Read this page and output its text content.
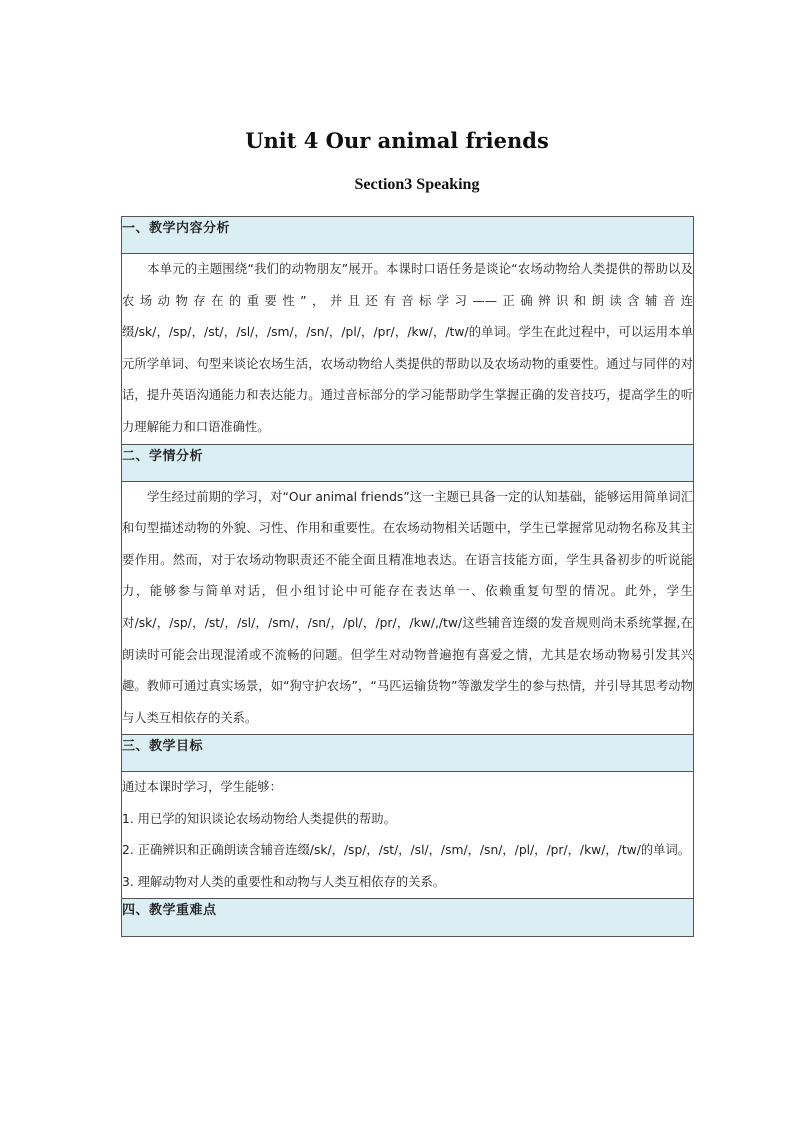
Unit 4 Our animal friends
Section3 Speaking
一、教学内容分析
本单元的主题围绕“我们的动物朋友”展开。本课时口语任务是谈论“农场动物给人类提供的帮助以及农场动物存在的重要性”，并且还有音标学习——正确辨识和朗读含辅音连缀/sk/，/sp/，/st/，/sl/，/sm/，/sn/，/pl/，/pr/，/kw/，/tw/的单词。学生在此过程中，可以运用本单元所学单词、句型来谈论农场生活，农场动物给人类提供的帮助以及农场动物的重要性。通过与同伴的对话，提升英语沟通能力和表达能力。通过音标部分的学习能帮助学生掌握正确的发音技巧，提高学生的听力理解能力和口语准确性。
二、学情分析
学生经过前期的学习，对“Our animal friends”这一主题已具备一定的认知基础，能够运用简单词汇和句型描述动物的外貌、习性、作用和重要性。在农场动物相关话题中，学生已掌握常见动物名称及其主要作用。然而，对于农场动物职责还不能全面且精准地表达。在语言技能方面，学生具备初步的听说能力，能够参与简单对话，但小组讨论中可能存在表达单一、依赖重复句型的情况。此外，学生对/sk/，/sp/，/st/，/sl/，/sm/，/sn/，/pl/，/pr/，/kw/,/tw/这些辅音连缀的发音规则尚未系统掌握,在朗读时可能会出现混淆或不流畅的问题。但学生对动物普遍抱有喜爱之情，尤其是农场动物易引发其兴趣。教师可通过真实场景，如“狗守护农场”，“马匹运输货物”等激发学生的参与热情，并引导其思考动物与人类互相依存的关系。
三、教学目标

通过本课时学习，学生能够：

1. 用已学的知识谈论农场动物给人类提供的帮助。

2. 正确辨识和正确朗读含辅音连缀/sk/，/sp/，/st/，/sl/，/sm/，/sn/，/pl/，/pr/，/kw/，/tw/的单词。

3. 理解动物对人类的重要性和动物与人类互相依存的关系。

四、教学重难点
